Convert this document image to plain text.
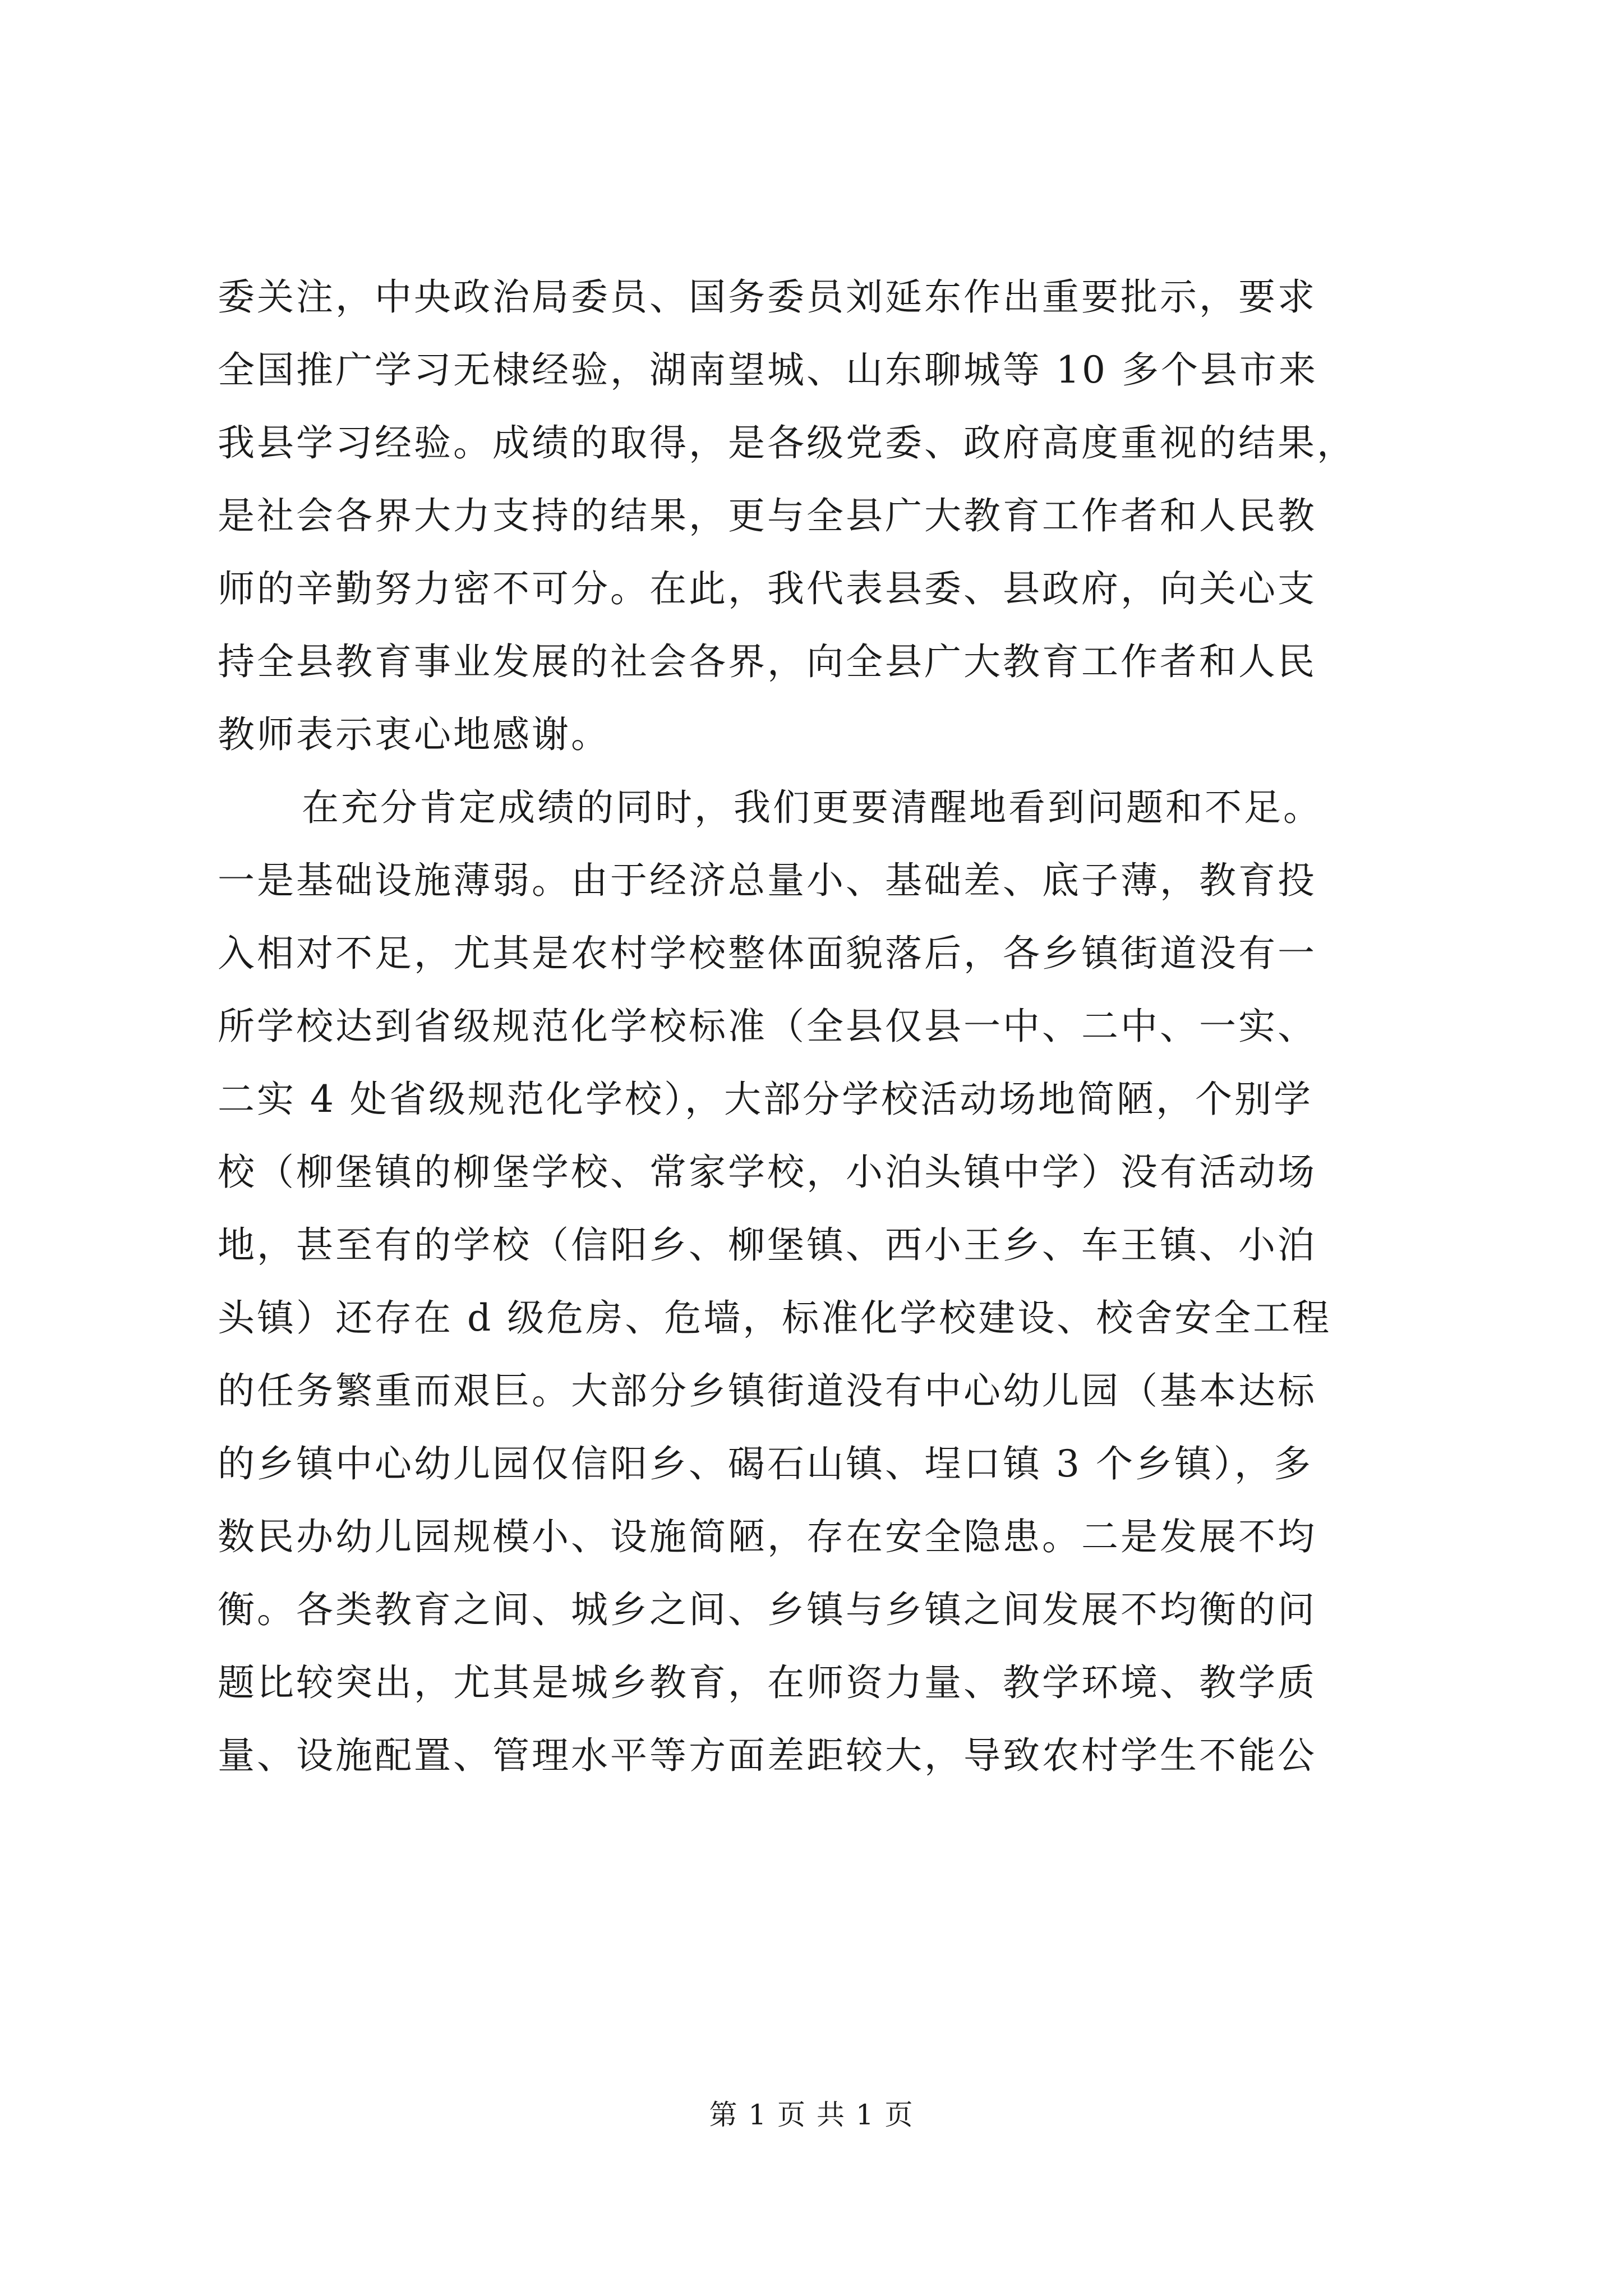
委关注，中央政治局委员、国务委员刘延东作出重要批示，要求
全国推广学习无棣经验，湖南望城、山东聊城等 10 多个县市来
我县学习经验。成绩的取得，是各级党委、政府高度重视的结果，
是社会各界大力支持的结果，更与全县广大教育工作者和人民教
师的辛勤努力密不可分。在此，我代表县委、县政府，向关心支
持全县教育事业发展的社会各界，向全县广大教育工作者和人民
教师表示衷心地感谢。
在充分肯定成绩的同时，我们更要清醒地看到问题和不足。
一是基础设施薄弱。由于经济总量小、基础差、底子薄，教育投
入相对不足，尤其是农村学校整体面貌落后，各乡镇街道没有一
所学校达到省级规范化学校标准（全县仅县一中、二中、一实、
二实 4 处省级规范化学校），大部分学校活动场地简陋，个别学
校（柳堡镇的柳堡学校、常家学校，小泊头镇中学）没有活动场
地，甚至有的学校（信阳乡、柳堡镇、西小王乡、车王镇、小泊
头镇）还存在 d 级危房、危墙，标准化学校建设、校舍安全工程
的任务繁重而艰巨。大部分乡镇街道没有中心幼儿园（基本达标
的乡镇中心幼儿园仅信阳乡、碣石山镇、埕口镇 3 个乡镇），多
数民办幼儿园规模小、设施简陋，存在安全隐患。二是发展不均
衡。各类教育之间、城乡之间、乡镇与乡镇之间发展不均衡的问
题比较突出，尤其是城乡教育，在师资力量、教学环境、教学质
量、设施配置、管理水平等方面差距较大，导致农村学生不能公
第 1 页 共 1 页
